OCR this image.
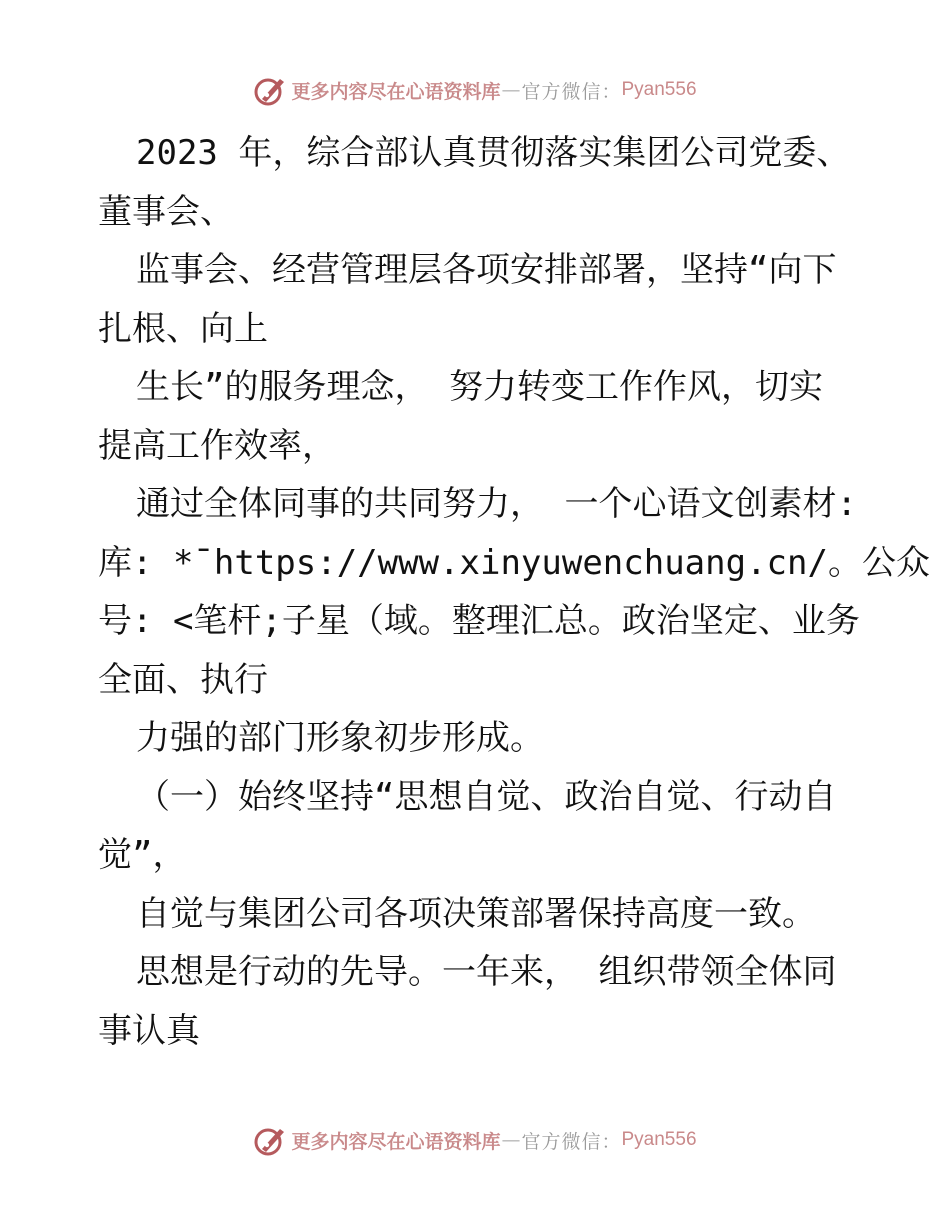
更多内容尽在心语资料库 — 官方微信： Pyan556

2023 年，综合部认真贯彻落实集团公司党委、

董事会、

监事会、经营管理层各项安排部署，坚持“向下

扎根、向上

生长”的服务理念， 努力转变工作作风，切实

提高工作效率，

通过全体同事的共同努力， 一个心语文创素材:

库: *¯https://www.xinyuwenchuang.cn/。公众

号: <笔杆;子星（域。整理汇总。政治坚定、业务

全面、执行

力强的部门形象初步形成。

（一）始终坚持“思想自觉、政治自觉、行动自

觉”，

自觉与集团公司各项决策部署保持高度一致。

思想是行动的先导。一年来， 组织带领全体同

事认真

更多内容尽在心语资料库 — 官方微信： Pyan556
